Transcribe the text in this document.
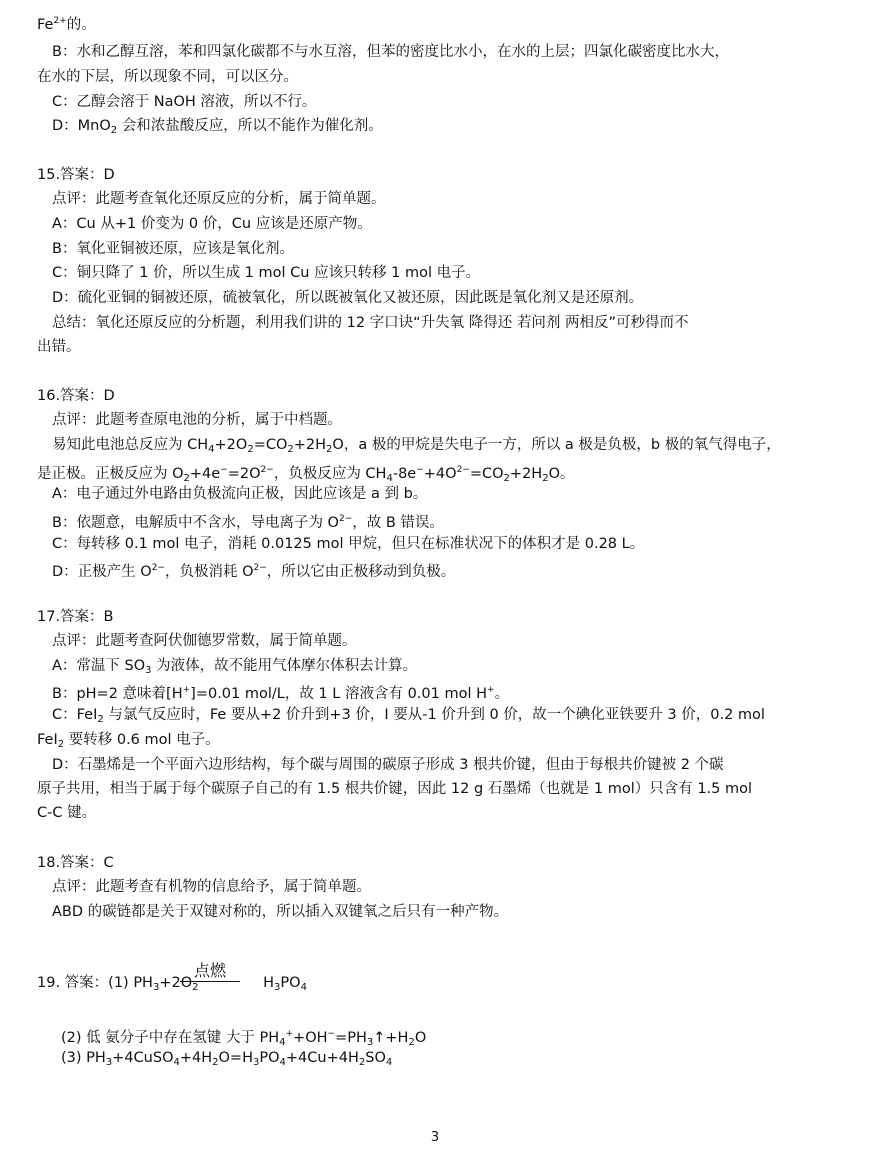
$Fe^{2+}$的。
B：水和乙醇互溶，苯和四氯化碳都不与水互溶，但苯的密度比水小，在水的上层；四氯化碳密度比水大，
在水的下层，所以现象不同，可以区分。
C：乙醇会溶于 NaOH 溶液，所以不行。
D：MnO$_2$ 会和浓盐酸反应，所以不能作为催化剂。
15.答案：D
点评：此题考查氧化还原反应的分析，属于简单题。
A：Cu 从+1 价变为 0 价，Cu 应该是还原产物。
B：氧化亚铜被还原，应该是氧化剂。
C：铜只降了 1 价，所以生成 1 mol Cu 应该只转移 1 mol 电子。
D：硫化亚铜的铜被还原，硫被氧化，所以既被氧化又被还原，因此既是氧化剂又是还原剂。
总结：氧化还原反应的分析题，利用我们讲的 12 字口诀“升失氧 降得还 若问剂 两相反”可秒得而不
出错。
16.答案：D
点评：此题考查原电池的分析，属于中档题。
易知此电池总反应为 $CH_4+2O_2=CO_2+2H_2O$，a 极的甲烷是失电子一方，所以 a 极是负极，b 极的氧气得电子，
是正极。正极反应为 $O_2+4e^-=2O^{2-}$，负极反应为 $CH_4-8e^-+4O^{2-}=CO_2+2H_2O$。
A：电子通过外电路由负极流向正极，因此应该是 a 到 b。
B：依题意，电解质中不含水，导电离子为 $O^{2-}$，故 B 错误。
C：每转移 0.1 mol 电子，消耗 0.0125 mol 甲烷，但只在标准状况下的体积才是 0.28 L。
D：正极产生 $O^{2-}$，负极消耗 $O^{2-}$，所以它由正极移动到负极。
17.答案：B
点评：此题考查阿伏伽德罗常数，属于简单题。
A：常温下 $SO_3$ 为液体，故不能用气体摩尔体积去计算。
B：pH=2 意味着[H+]=0.01 mol/L，故 1 L 溶液含有 0.01 mol H+。
C：FeI$_2$ 与氯气反应时，Fe 要从+2 价升到+3 价，I 要从-1 价升到 0 价，故一个碘化亚铁要升 3 价，0.2 mol
FeI$_2$ 要转移 0.6 mol 电子。
D：石墨烯是一个平面六边形结构，每个碳与周围的碳原子形成 3 根共价键，但由于每根共价键被 2 个碳
原子共用，相当于属于每个碳原子自己的有 1.5 根共价键，因此 12 g 石墨烯（也就是 1 mol）只含有 1.5 mol
C-C 键。
18.答案：C
点评：此题考查有机物的信息给予，属于简单题。
ABD 的碳链都是关于双键对称的，所以插入双键氧之后只有一种产物。
19. 答案：(1) $PH_3+2O_2$	$H_3PO_4$
点燃
(2) 低 氨分子中存在氢键 大于 $PH_4^++OH^-=PH_3↑+H_2O$
(3) $PH_3+4CuSO_4+4H_2O=H_3PO_4+4Cu+4H_2SO_4$
3
